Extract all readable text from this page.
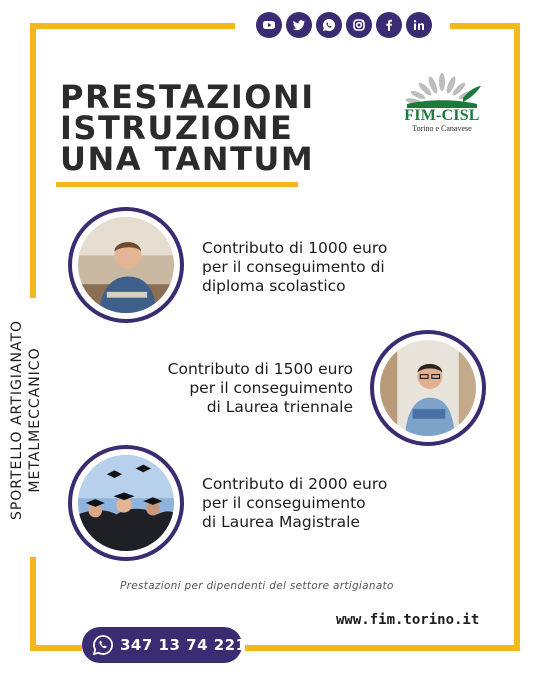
PRESTAZIONI
ISTRUZIONE
UNA TANTUM
FIM-CISL
Torino e Canavese
Contributo di 1000 euro
per il conseguimento di
diploma scolastico
Contributo di 1500 euro
per il conseguimento
di Laurea triennale
Contributo di 2000 euro
per il conseguimento
di Laurea Magistrale
SPORTELLO ARTIGIANATO METALMECCANICO
Prestazioni per dipendenti del settore artigianato
www.fim.torino.it
347 13 74 221
